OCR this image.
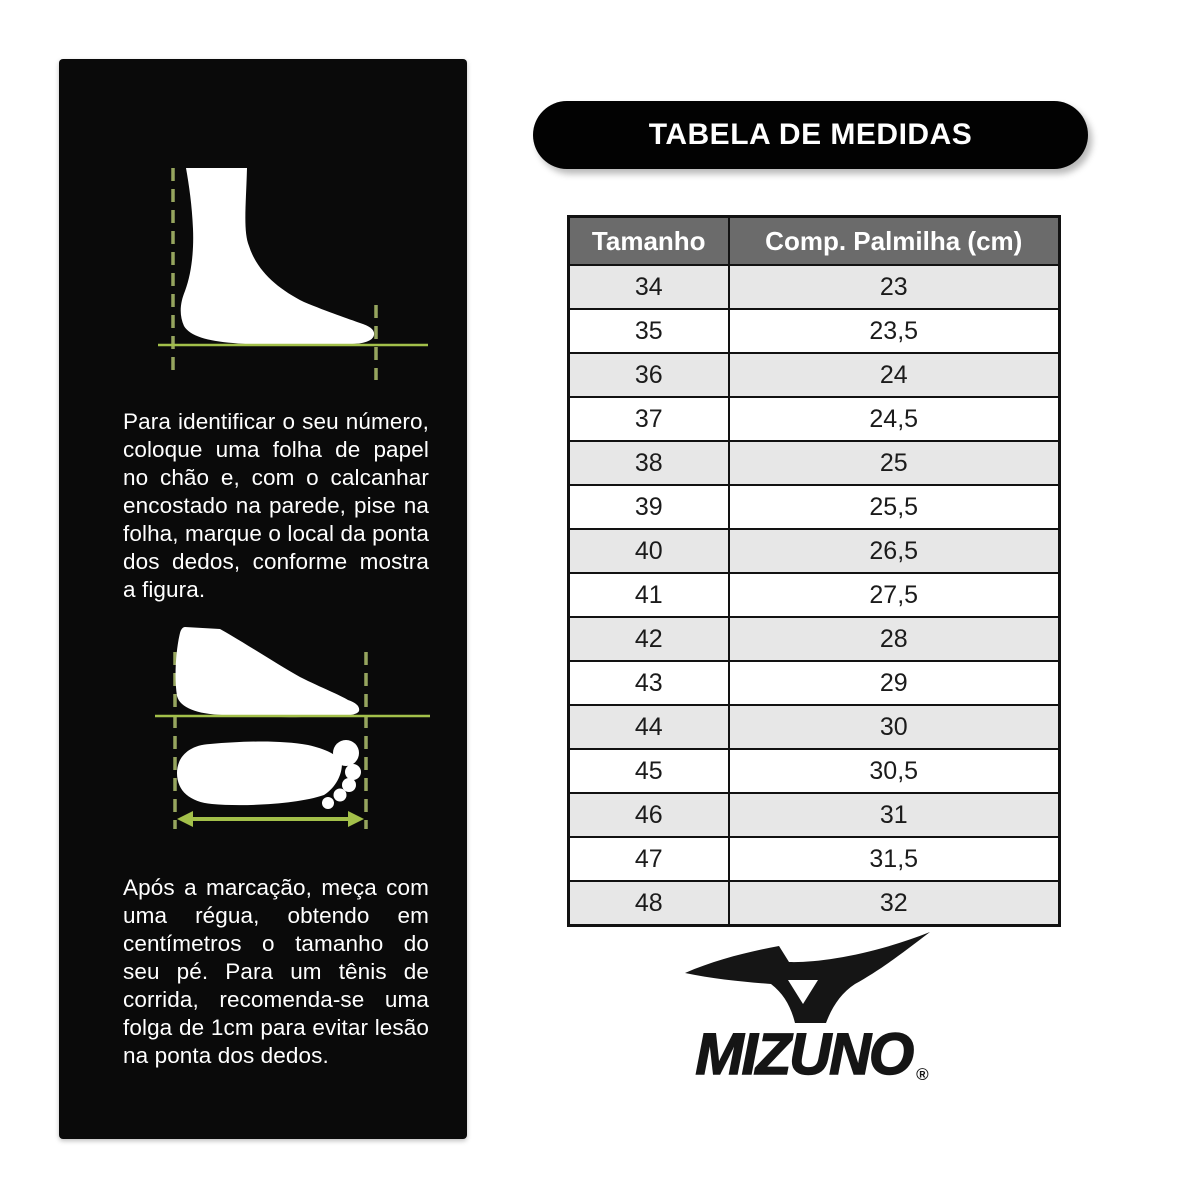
Para identificar o seu número, coloque uma folha de papel no chão e, com o calcanhar encostado na parede, pise na folha, marque o local da ponta dos dedos, conforme mostra a figura.

Após a marcação, meça com uma régua, obtendo em centímetros o tamanho do seu pé. Para um tênis de corrida, recomenda-se uma folga de 1cm para evitar lesão na ponta dos dedos.

TABELA DE MEDIDAS
Tamanho	Comp. Palmilha (cm)
34	23
35	23,5
36	24
37	24,5
38	25
39	25,5
40	26,5
41	27,5
42	28
43	29
44	30
45	30,5
46	31
47	31,5
48	32
MIZUNO ®
